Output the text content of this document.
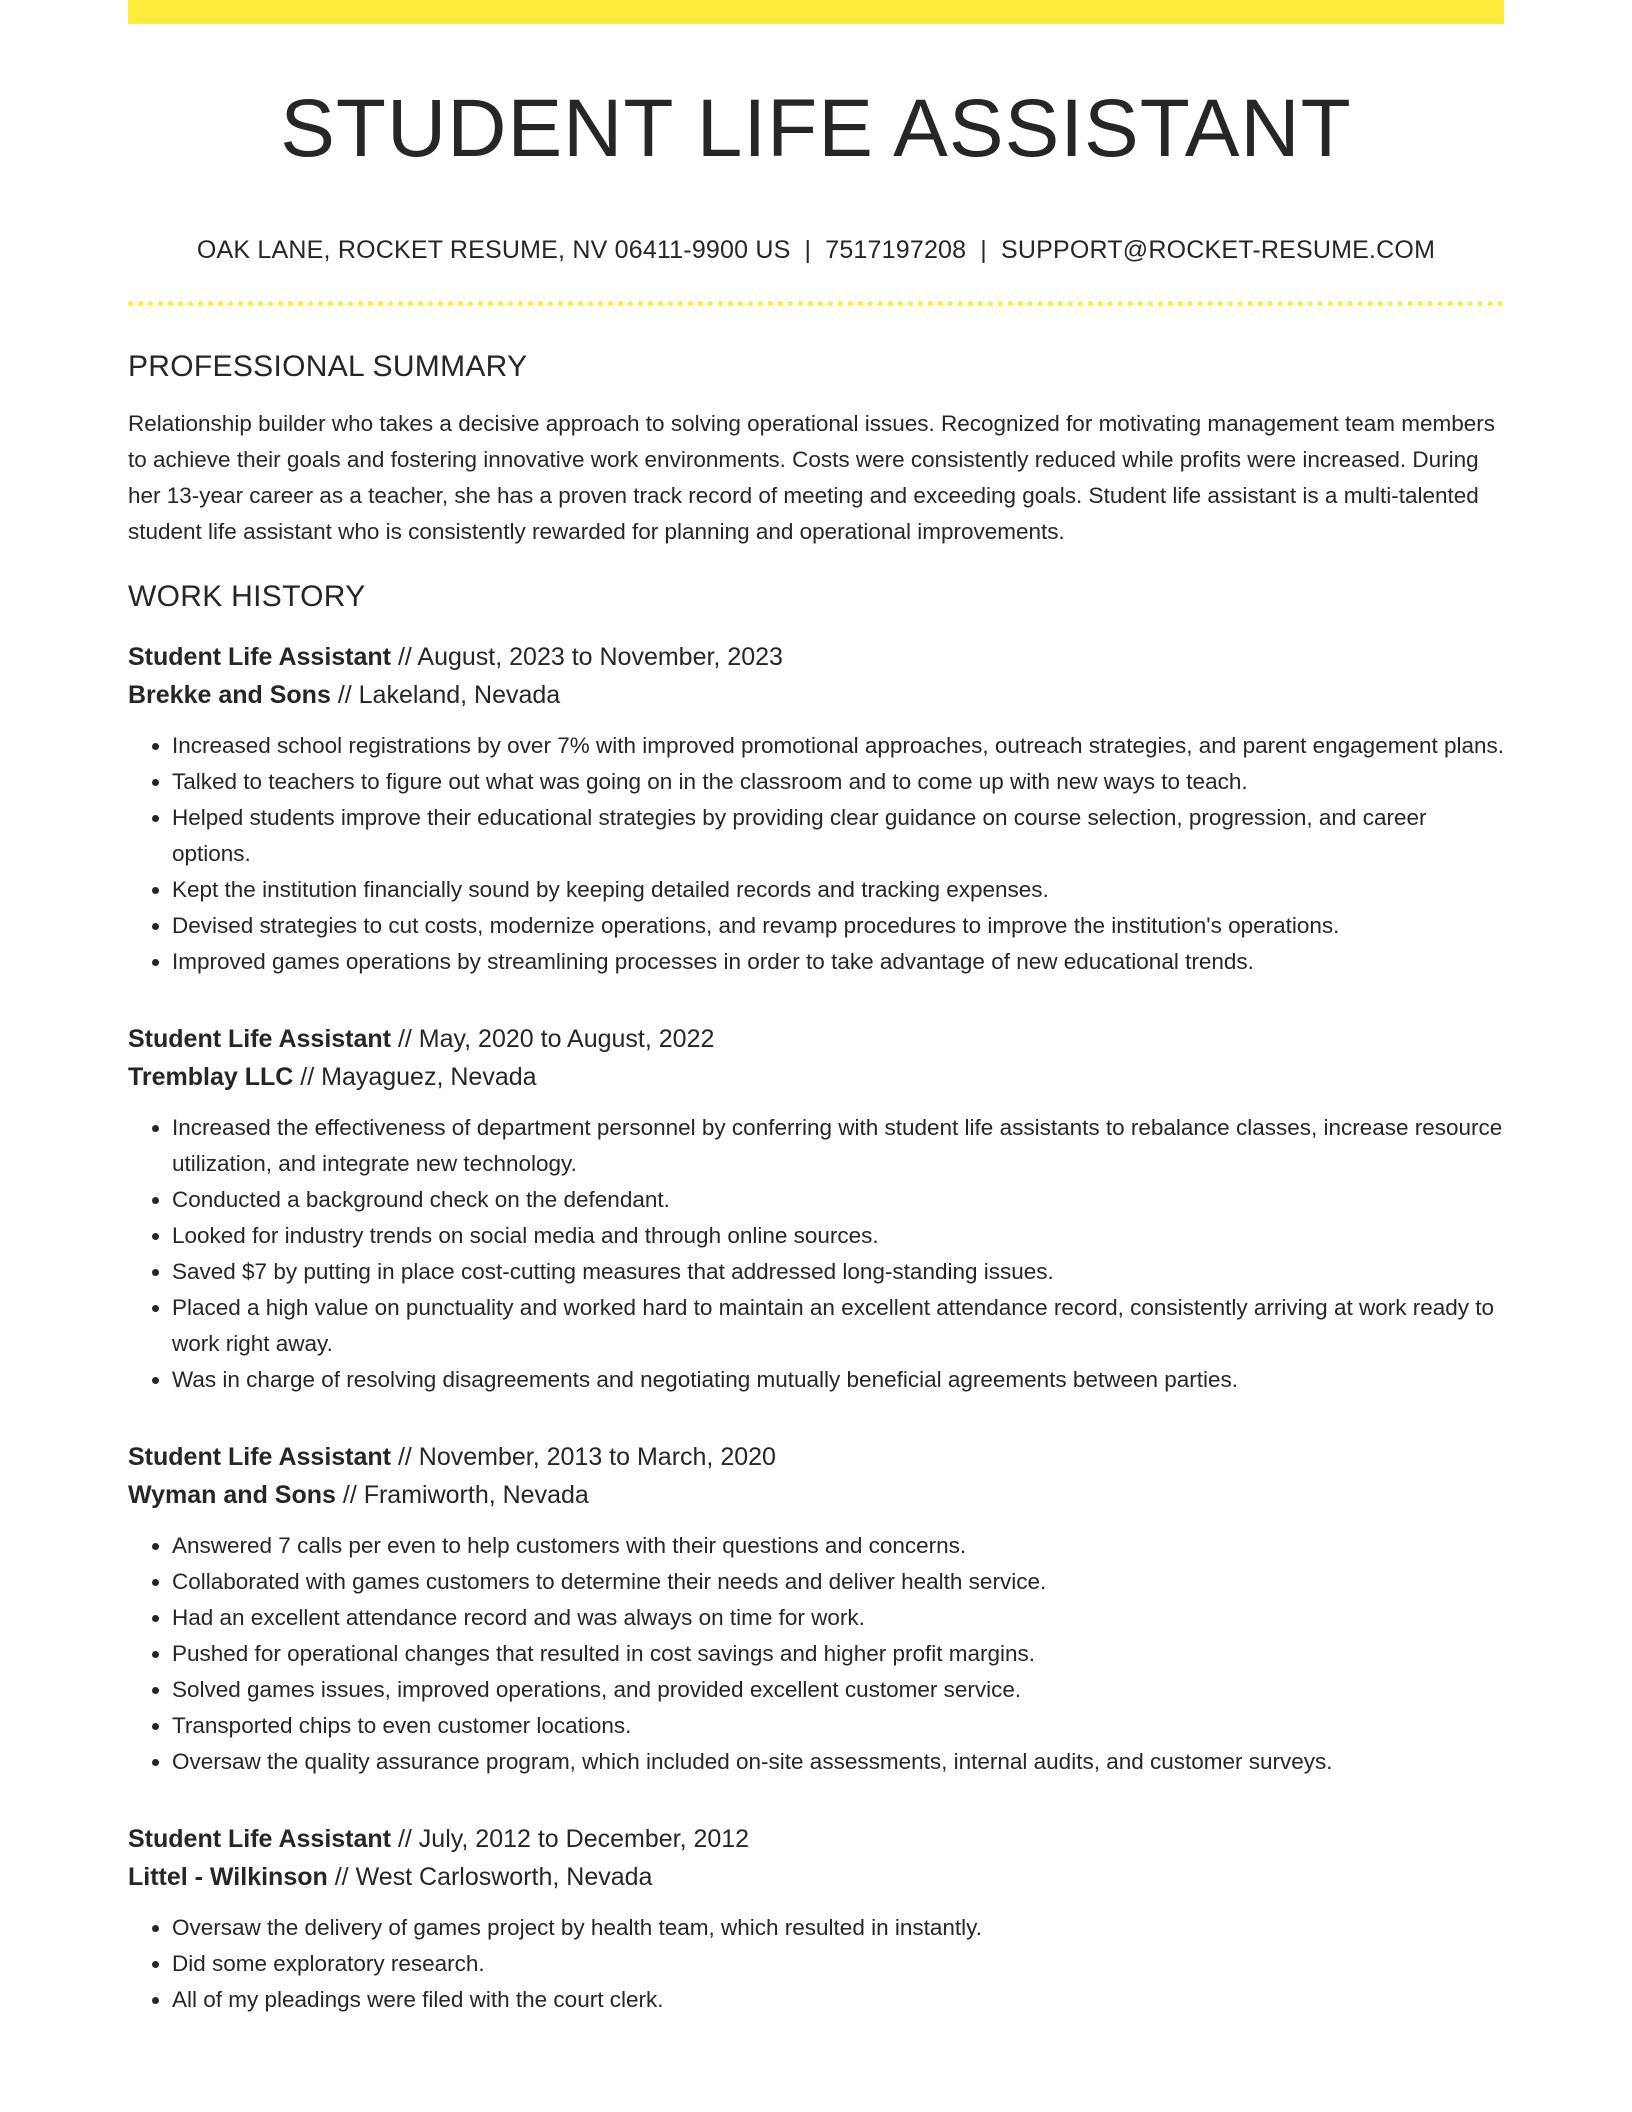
STUDENT LIFE ASSISTANT
OAK LANE, ROCKET RESUME, NV 06411-9900 US | 7517197208 | SUPPORT@ROCKET-RESUME.COM
PROFESSIONAL SUMMARY
Relationship builder who takes a decisive approach to solving operational issues. Recognized for motivating management team members to achieve their goals and fostering innovative work environments. Costs were consistently reduced while profits were increased. During her 13-year career as a teacher, she has a proven track record of meeting and exceeding goals. Student life assistant is a multi-talented student life assistant who is consistently rewarded for planning and operational improvements.
WORK HISTORY
Student Life Assistant // August, 2023 to November, 2023
Brekke and Sons // Lakeland, Nevada
• Increased school registrations by over 7% with improved promotional approaches, outreach strategies, and parent engagement plans.
• Talked to teachers to figure out what was going on in the classroom and to come up with new ways to teach.
• Helped students improve their educational strategies by providing clear guidance on course selection, progression, and career options.
• Kept the institution financially sound by keeping detailed records and tracking expenses.
• Devised strategies to cut costs, modernize operations, and revamp procedures to improve the institution's operations.
• Improved games operations by streamlining processes in order to take advantage of new educational trends.
Student Life Assistant // May, 2020 to August, 2022
Tremblay LLC // Mayaguez, Nevada
• Increased the effectiveness of department personnel by conferring with student life assistants to rebalance classes, increase resource utilization, and integrate new technology.
• Conducted a background check on the defendant.
• Looked for industry trends on social media and through online sources.
• Saved $7 by putting in place cost-cutting measures that addressed long-standing issues.
• Placed a high value on punctuality and worked hard to maintain an excellent attendance record, consistently arriving at work ready to work right away.
• Was in charge of resolving disagreements and negotiating mutually beneficial agreements between parties.
Student Life Assistant // November, 2013 to March, 2020
Wyman and Sons // Framiworth, Nevada
• Answered 7 calls per even to help customers with their questions and concerns.
• Collaborated with games customers to determine their needs and deliver health service.
• Had an excellent attendance record and was always on time for work.
• Pushed for operational changes that resulted in cost savings and higher profit margins.
• Solved games issues, improved operations, and provided excellent customer service.
• Transported chips to even customer locations.
• Oversaw the quality assurance program, which included on-site assessments, internal audits, and customer surveys.
Student Life Assistant // July, 2012 to December, 2012
Littel - Wilkinson // West Carlosworth, Nevada
• Oversaw the delivery of games project by health team, which resulted in instantly.
• Did some exploratory research.
• All of my pleadings were filed with the court clerk.
